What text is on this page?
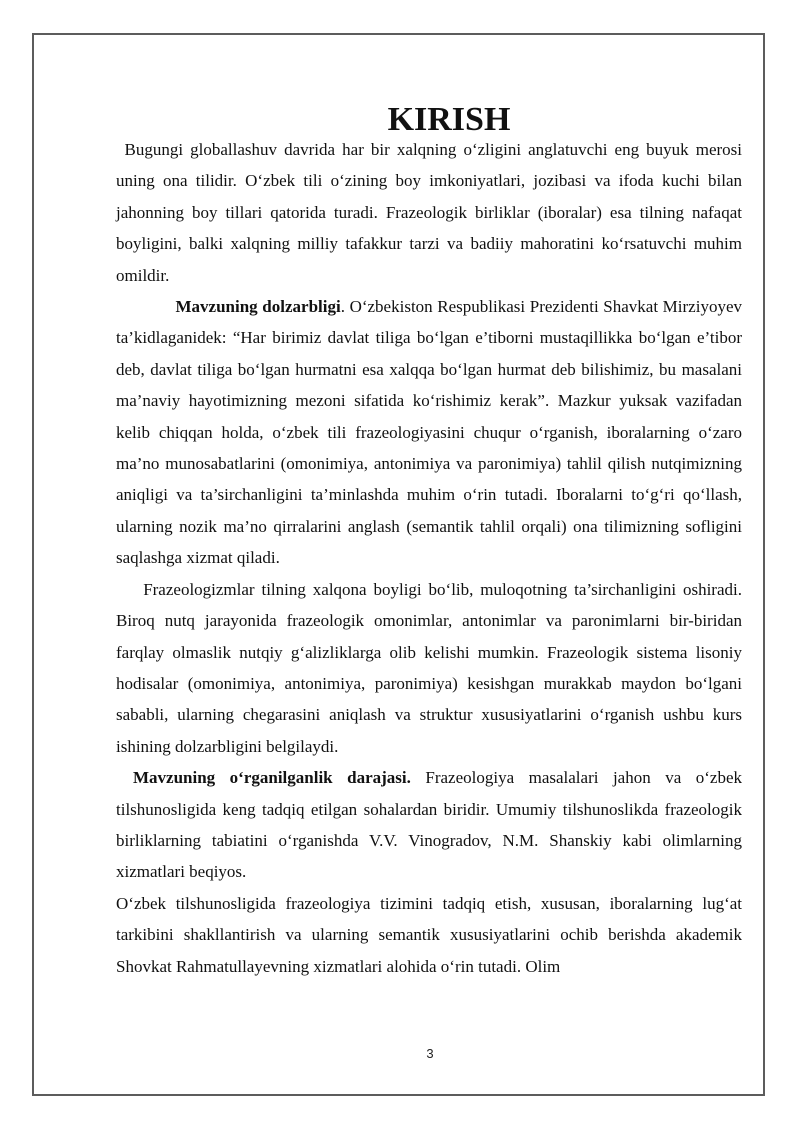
KIRISH

Bugungi globallashuv davrida har bir xalqning o‘zligini anglatuvchi eng buyuk merosi uning ona tilidir. O‘zbek tili o‘zining boy imkoniyatlari, jozibasi va ifoda kuchi bilan jahonning boy tillari qatorida turadi. Frazeologik birliklar (iboralar) esa tilning nafaqat boyligini, balki xalqning milliy tafakkur tarzi va badiiy mahoratini ko‘rsatuvchi muhim omildir.

Mavzuning dolzarbligi. O‘zbekiston Respublikasi Prezidenti Shavkat Mirziyoyev ta’kidlaganidek: “Har birimiz davlat tiliga bo‘lgan e’tiborni mustaqillikka bo‘lgan e’tibor deb, davlat tiliga bo‘lgan hurmatni esa xalqqa bo‘lgan hurmat deb bilishimiz, bu masalani ma’naviy hayotimizning mezoni sifatida ko‘rishimiz kerak”. Mazkur yuksak vazifadan kelib chiqqan holda, o‘zbek tili frazeologiyasini chuqur o‘rganish, iboralarning o‘zaro ma’no munosabatlarini (omonimiya, antonimiya va paronimiya) tahlil qilish nutqimizning aniqligi va ta’sirchanligini ta’minlashda muhim o‘rin tutadi. Iboralarni to‘g‘ri qo‘llash, ularning nozik ma’no qirralarini anglash (semantik tahlil orqali) ona tilimizning sofligini saqlashga xizmat qiladi.

Frazeologizmlar tilning xalqona boyligi bo‘lib, muloqotning ta’sirchanligini oshiradi. Biroq nutq jarayonida frazeologik omonimlar, antonimlar va paronimlarni bir-biridan farqlay olmaslik nutqiy g‘alizliklarga olib kelishi mumkin. Frazeologik sistema lisoniy hodisalar (omonimiya, antonimiya, paronimiya) kesishgan murakkab maydon bo‘lgani sababli, ularning chegarasini aniqlash va struktur xususiyatlarini o‘rganish ushbu kurs ishining dolzarbligini belgilaydi.

Mavzuning o‘rganilganlik darajasi. Frazeologiya masalalari jahon va o‘zbek tilshunosligida keng tadqiq etilgan sohalardan biridir. Umumiy tilshunoslikda frazeologik birliklarning tabiatini o‘rganishda V.V. Vinogradov, N.M. Shanskiy kabi olimlarning xizmatlari beqiyos.

O‘zbek tilshunosligida frazeologiya tizimini tadqiq etish, xususan, iboralarning lug‘at tarkibini shakllantirish va ularning semantik xususiyatlarini ochib berishda akademik Shovkat Rahmatullayevning xizmatlari alohida o‘rin tutadi. Olim

3
